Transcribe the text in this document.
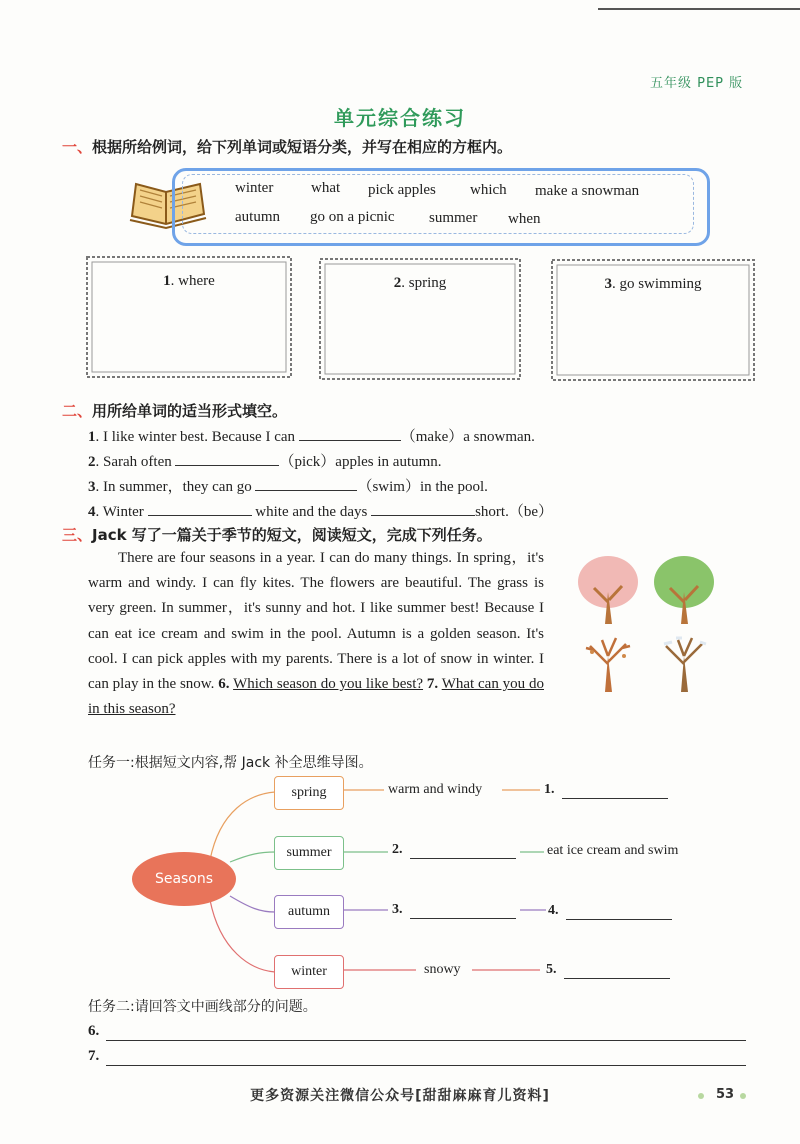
五年级 PEP 版
单元综合练习
一、根据所给例词，给下列单词或短语分类，并写在相应的方框内。
winter	what pick apples which make a snowman
autumn go on a picnic summer when
1. where	2. spring	3. go swimming
二、用所给单词的适当形式填空。
1. I like winter best. Because I can	（make）a snowman.
2. Sarah often	（pick）apples in autumn.
3. In summer，they can go	（swim）in the pool.
4. Winter	white and the days	short.（be）
三、Jack 写了一篇关于季节的短文，阅读短文，完成下列任务。

There are four seasons in a year. I can do many things. In spring，it's warm and windy. I can fly kites. The flowers are beautiful. The grass is very green. In summer，it's sunny and hot. I like summer best! Because I can eat ice cream and swim in the pool. Autumn is a golden season. It's cool. I can pick apples with my parents. There is a lot of snow in winter. I can play in the snow. 6. Which season do you like best? 7. What can you do in this season?

任务一:根据短文内容,帮 Jack 补全思维导图。
Seasons
spring	warm and windy	1.
summer	2.	eat ice cream and swim
autumn	3.	4.
winter	snowy	5.
任务二:请回答文中画线部分的问题。
6.
7.
更多资源关注微信公众号[甜甜麻麻育儿资料]	53
